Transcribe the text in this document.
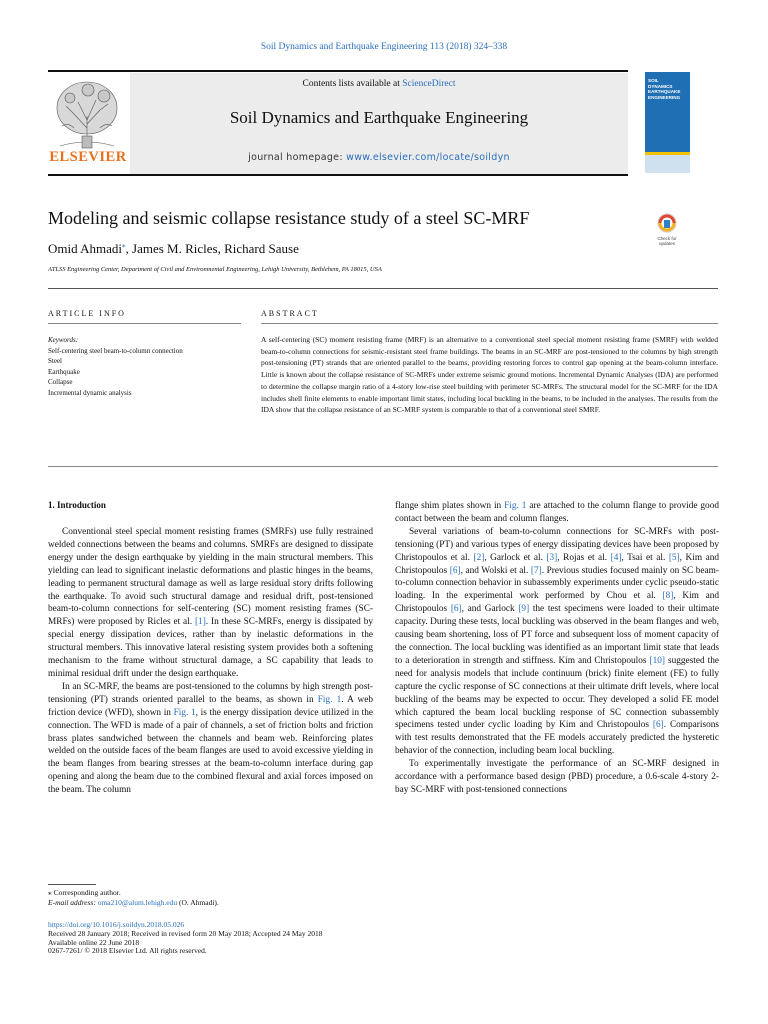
Soil Dynamics and Earthquake Engineering 113 (2018) 324–338
ELSEVIER
Contents lists available at ScienceDirect
Soil Dynamics and Earthquake Engineering
journal homepage: www.elsevier.com/locate/soildyn
SOIL
DYNAMICS
EARTHQUAKE
ENGINEERING
Modeling and seismic collapse resistance study of a steel SC-MRF
Omid Ahmadi⁎, James M. Ricles, Richard Sause
ATLSS Engineering Center, Department of Civil and Environmental Engineering, Lehigh University, Bethlehem, PA 18015, USA
Check for
updates
ARTICLE INFO	ABSTRACT
Keywords:
Self-centering steel beam-to-column connection
Steel
Earthquake
Collapse
Incremental dynamic analysis
A self-centering (SC) moment resisting frame (MRF) is an alternative to a conventional steel special moment resisting frame (SMRF) with welded beam-to-column connections for seismic-resistant steel frame buildings. The beams in an SC-MRF are post-tensioned to the columns by high strength post-tensioning (PT) strands that are oriented parallel to the beams, providing restoring forces to control gap opening at the beam-column interface. Little is known about the collapse resistance of SC-MRFs under extreme seismic ground motions. Incremental Dynamic Analyses (IDA) are performed to determine the collapse margin ratio of a 4-story low-rise steel building with perimeter SC-MRFs. The structural model for the SC-MRF for the IDA includes shell finite elements to enable important limit states, including local buckling in the beams, to be included in the analyses. The results from the IDA show that the collapse resistance of an SC-MRF system is comparable to that of a conventional steel SMRF.
1. Introduction

Conventional steel special moment resisting frames (SMRFs) use fully restrained welded connections between the beams and columns. SMRFs are designed to dissipate energy under the design earthquake by yielding in the main structural members. This yielding can lead to significant inelastic deformations and plastic hinges in the beams, leading to permanent structural damage as well as large residual story drifts following the earthquake. To avoid such structural damage and residual drift, post-tensioned beam-to-column connections for self-centering (SC) moment resisting frames (SC-MRFs) were proposed by Ricles et al. [1]. In these SC-MRFs, energy is dissipated by special energy dissipation devices, rather than by inelastic deformations in the structural members. This innovative lateral resisting system provides both a softening mechanism to the frame without structural damage, a SC capability that leads to minimal residual drift under the design earthquake.

In an SC-MRF, the beams are post-tensioned to the columns by high strength post-tensioning (PT) strands oriented parallel to the beams, as shown in Fig. 1. A web friction device (WFD), shown in Fig. 1, is the energy dissipation device utilized in the connection. The WFD is made of a pair of channels, a set of friction bolts and friction brass plates sandwiched between the channels and beam web. Reinforcing plates welded on the outside faces of the beam flanges are used to avoid excessive yielding in the beam flanges from bearing stresses at the beam-to-column interface during gap opening and along the beam due to the combined flexural and axial forces imposed on the beam. The column

flange shim plates shown in Fig. 1 are attached to the column flange to provide good contact between the beam and column flanges.

Several variations of beam-to-column connections for SC-MRFs with post-tensioning (PT) and various types of energy dissipating devices have been proposed by Christopoulos et al. [2], Garlock et al. [3], Rojas et al. [4], Tsai et al. [5], Kim and Christopoulos [6], and Wolski et al. [7]. Previous studies focused mainly on SC beam-to-column connection behavior in subassembly experiments under cyclic pseudo-static loading. In the experimental work performed by Chou et al. [8], Kim and Christopoulos [6], and Garlock [9] the test specimens were loaded to their ultimate capacity. During these tests, local buckling was observed in the beam flanges and web, causing beam shortening, loss of PT force and subsequent loss of moment capacity of the connection. The local buckling was identified as an important limit state that leads to a deterioration in strength and stiffness. Kim and Christopoulos [10] suggested the need for analysis models that include continuum (brick) finite element (FE) to fully capture the cyclic response of SC connections at their ultimate drift levels, where local buckling of the beams may be expected to occur. They developed a solid FE model which captured the beam local buckling response of SC connection subassembly specimens tested under cyclic loading by Kim and Christopoulos [6]. Comparisons with test results demonstrated that the FE models accurately predicted the hysteretic behavior of the connection, including beam local buckling.

To experimentally investigate the performance of an SC-MRF designed in accordance with a performance based design (PBD) procedure, a 0.6-scale 4-story 2-bay SC-MRF with post-tensioned connections

⁎ Corresponding author.
E-mail address: oma210@alum.lehigh.edu (O. Ahmadi).
https://doi.org/10.1016/j.soildyn.2018.05.026
Received 28 January 2018; Received in revised form 20 May 2018; Accepted 24 May 2018
Available online 22 June 2018
0267-7261/ © 2018 Elsevier Ltd. All rights reserved.
